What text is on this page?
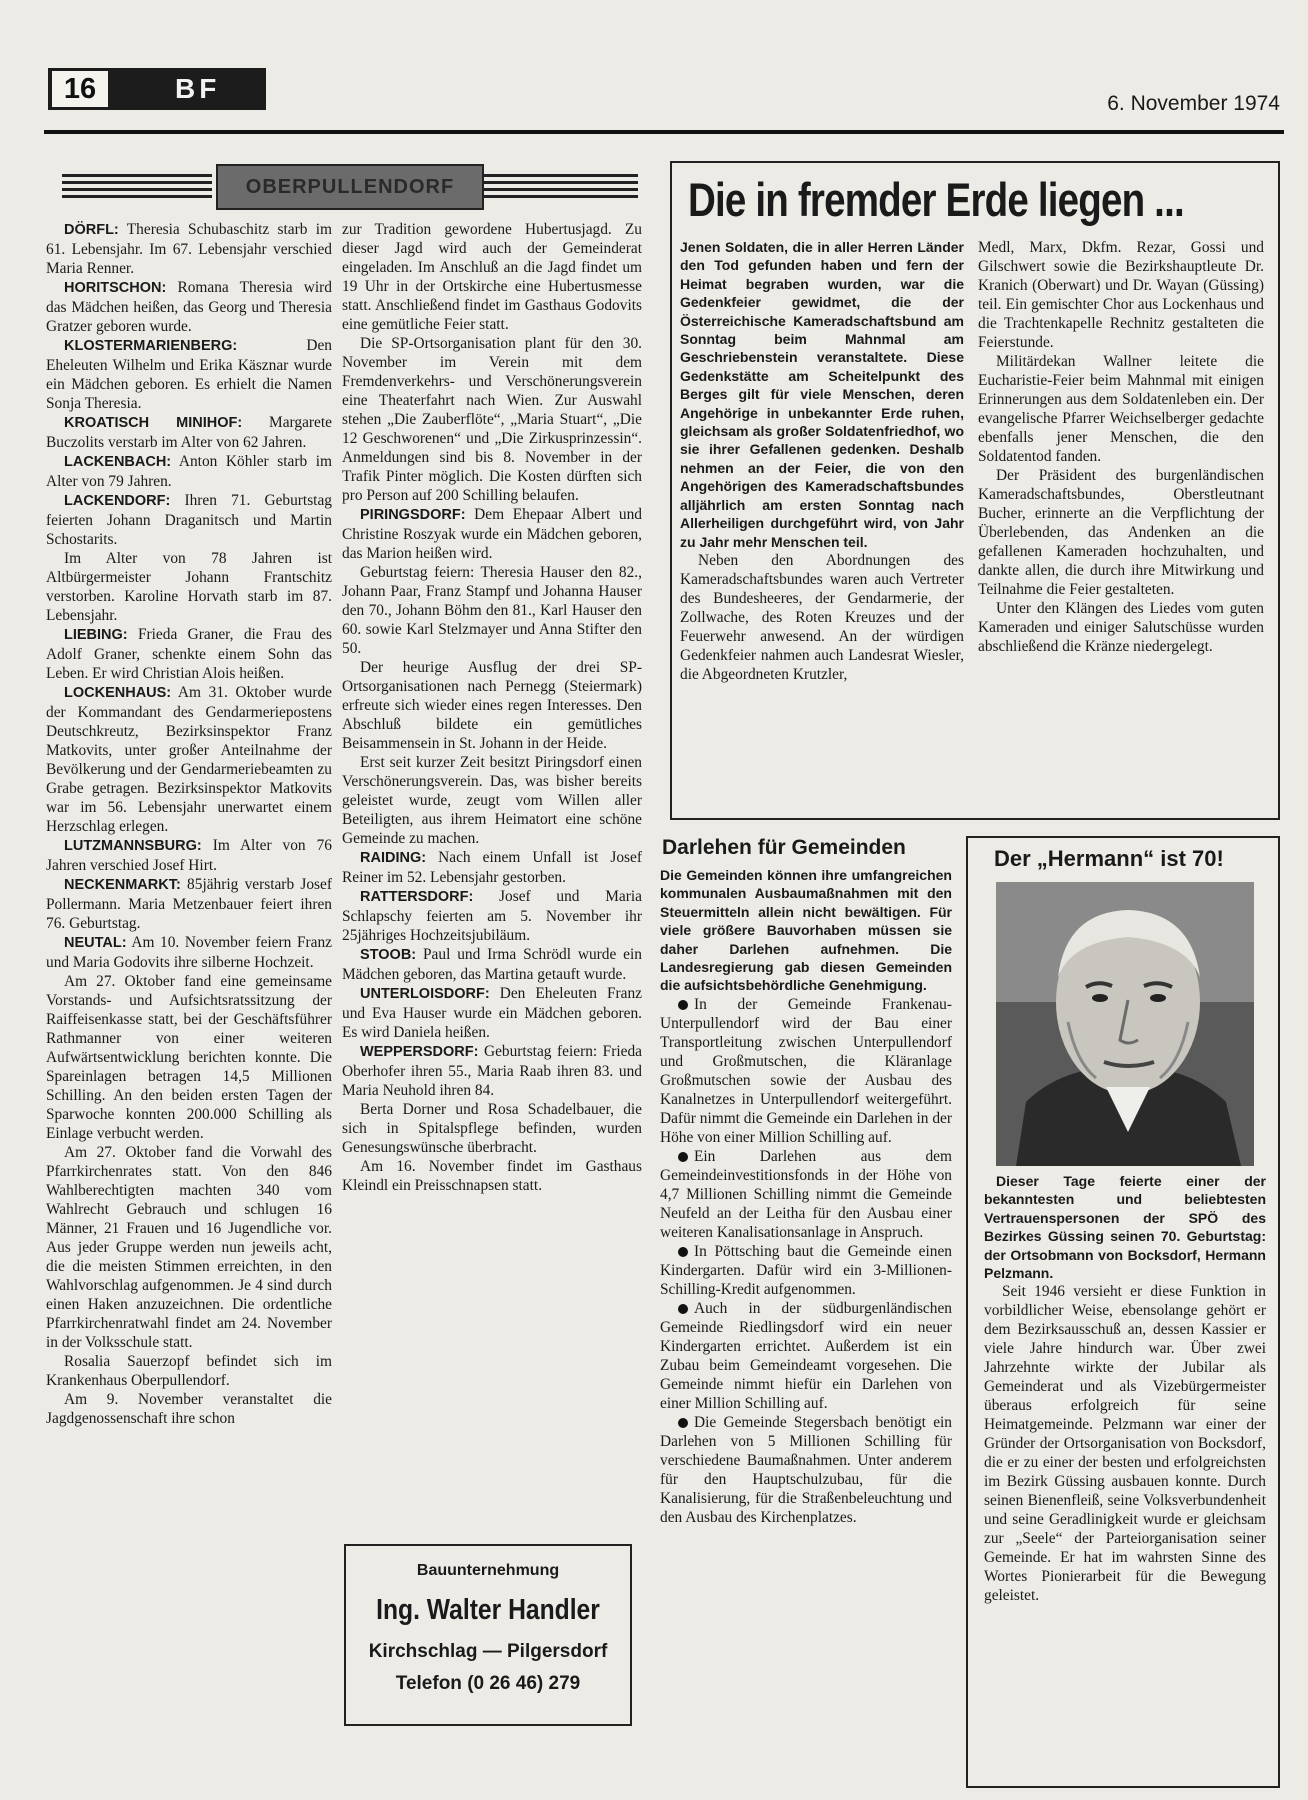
16	BF	6. November 1974
OBERPULLENDORF

DÖRFL: Theresia Schubaschitz starb im 61. Lebensjahr. Im 67. Lebensjahr verschied Maria Renner.

HORITSCHON: Romana Theresia wird das Mädchen heißen, das Georg und Theresia Gratzer geboren wurde.

KLOSTERMARIENBERG:	Den Eheleuten Wilhelm und Erika Käsznar wurde ein Mädchen geboren. Es erhielt die Namen Sonja Theresia.

KROATISCH MINIHOF: Margarete Buczolits verstarb im Alter von 62 Jahren.

LACKENBACH: Anton Köhler starb im Alter von 79 Jahren.

LACKENDORF: Ihren 71. Geburtstag feierten Johann Draganitsch und Martin Schostarits.

Im Alter von 78 Jahren ist Altbürgermeister Johann Frantschitz verstorben. Karoline Horvath starb im 87. Lebensjahr.

LIEBING: Frieda Graner, die Frau des Adolf Graner, schenkte einem Sohn das Leben. Er wird Christian Alois heißen.

LOCKENHAUS: Am 31. Oktober wurde der Kommandant des Gendarmeriepostens Deutschkreutz, Bezirksinspektor Franz Matkovits, unter großer Anteilnahme der Bevölkerung und der Gendarmeriebeamten zu Grabe getragen. Bezirksinspektor Matkovits war im 56. Lebensjahr unerwartet einem Herzschlag erlegen.

LUTZMANNSBURG: Im Alter von 76 Jahren verschied Josef Hirt.

NECKENMARKT: 85jährig verstarb Josef Pollermann. Maria Metzenbauer feiert ihren 76. Geburtstag.

NEUTAL: Am 10. November feiern Franz und Maria Godovits ihre silberne Hochzeit.

Am 27. Oktober fand eine gemeinsame Vorstands- und Aufsichtsratssitzung der Raiffeisenkasse statt, bei der Geschäftsführer Rathmanner von einer weiteren Aufwärtsentwicklung berichten konnte. Die Spareinlagen betragen 14,5 Millionen Schilling. An den beiden ersten Tagen der Sparwoche konnten 200.000 Schilling als Einlage verbucht werden.

Am 27. Oktober fand die Vorwahl des Pfarrkirchenrates statt. Von den 846 Wahlberechtigten machten 340 vom Wahlrecht Gebrauch und schlugen 16 Männer, 21 Frauen und 16 Jugendliche vor. Aus jeder Gruppe werden nun jeweils acht, die die meisten Stimmen erreichten, in den Wahlvorschlag aufgenommen. Je 4 sind durch einen Haken anzuzeichnen. Die ordentliche Pfarrkirchenratwahl findet am 24. November in der Volksschule statt.

Rosalia Sauerzopf befindet sich im Krankenhaus Oberpullendorf.

Am 9. November veranstaltet die Jagdgenossenschaft ihre schon

zur Tradition gewordene Hubertusjagd. Zu dieser Jagd wird auch der Gemeinderat eingeladen. Im Anschluß an die Jagd findet um 19 Uhr in der Ortskirche eine Hubertusmesse statt. Anschließend findet im Gasthaus Godovits eine gemütliche Feier statt.

Die SP-Ortsorganisation plant für den 30. November im Verein mit dem Fremdenverkehrs- und Verschönerungsverein eine Theaterfahrt nach Wien. Zur Auswahl stehen „Die Zauberflöte“, „Maria Stuart“, „Die 12 Geschworenen“ und „Die Zirkusprinzessin“. Anmeldungen sind bis 8. November in der Trafik Pinter möglich. Die Kosten dürften sich pro Person auf 200 Schilling belaufen.

PIRINGSDORF: Dem Ehepaar Albert und Christine Roszyak wurde ein Mädchen geboren, das Marion heißen wird.

Geburtstag feiern: Theresia Hauser den 82., Johann Paar, Franz Stampf und Johanna Hauser den 70., Johann Böhm den 81., Karl Hauser den 60. sowie Karl Stelzmayer und Anna Stifter den 50.

Der heurige Ausflug der drei SP-Ortsorganisationen nach Pernegg (Steiermark) erfreute sich wieder eines regen Interesses. Den Abschluß bildete ein gemütliches Beisammensein in St. Johann in der Heide.

Erst seit kurzer Zeit besitzt Piringsdorf einen Verschönerungsverein. Das, was bisher bereits geleistet wurde, zeugt vom Willen aller Beteiligten, aus ihrem Heimatort eine schöne Gemeinde zu machen.

RAIDING: Nach einem Unfall ist Josef Reiner im 52. Lebensjahr gestorben.

RATTERSDORF: Josef und Maria Schlapschy feierten am 5. November ihr 25jähriges Hochzeitsjubiläum.

STOOB: Paul und Irma Schrödl wurde ein Mädchen geboren, das Martina getauft wurde.

UNTERLOISDORF: Den Eheleuten Franz und Eva Hauser wurde ein Mädchen geboren. Es wird Daniela heißen.

WEPPERSDORF: Geburtstag feiern: Frieda Oberhofer ihren 55., Maria Raab ihren 83. und Maria Neuhold ihren 84.

Berta Dorner und Rosa Schadelbauer, die sich in Spitalspflege befinden, wurden Genesungswünsche überbracht.

Am 16. November findet im Gasthaus Kleindl ein Preisschnapsen statt.

Bauunternehmung
Ing. Walter Handler
Kirchschlag — Pilgersdorf
Telefon (0 26 46) 279
Die in fremder Erde liegen ...

Jenen Soldaten, die in aller Herren Länder den Tod gefunden haben und fern der Heimat begraben wurden, war die Gedenkfeier gewidmet, die der Österreichische Kameradschaftsbund am Sonntag beim Mahnmal am Geschriebenstein veranstaltete. Diese Gedenkstätte am Scheitelpunkt des Berges gilt für viele Menschen, deren Angehörige in unbekannter Erde ruhen, gleichsam als großer Soldatenfriedhof, wo sie ihrer Gefallenen gedenken. Deshalb nehmen an der Feier, die von den Angehörigen des Kameradschaftsbundes alljährlich am ersten Sonntag nach Allerheiligen durchgeführt wird, von Jahr zu Jahr mehr Menschen teil.

Neben den Abordnungen des Kameradschaftsbundes waren auch Vertreter des Bundesheeres, der Gendarmerie, der Zollwache, des Roten Kreuzes und der Feuerwehr anwesend. An der würdigen Gedenkfeier nahmen auch Landesrat Wiesler, die Abgeordneten Krutzler,

Medl, Marx, Dkfm. Rezar, Gossi und Gilschwert sowie die Bezirkshauptleute Dr. Kranich (Oberwart) und Dr. Wayan (Güssing) teil. Ein gemischter Chor aus Lockenhaus und die Trachtenkapelle Rechnitz gestalteten die Feierstunde.

Militärdekan Wallner leitete die Eucharistie-Feier beim Mahnmal mit einigen Erinnerungen aus dem Soldatenleben ein. Der evangelische Pfarrer Weichselberger gedachte ebenfalls jener Menschen, die den Soldatentod fanden.

Der Präsident des burgenländischen Kameradschaftsbundes, Oberstleutnant Bucher, erinnerte an die Verpflichtung der Überlebenden, das Andenken an die gefallenen Kameraden hochzuhalten, und dankte allen, die durch ihre Mitwirkung und Teilnahme die Feier gestalteten.

Unter den Klängen des Liedes vom guten Kameraden und einiger Salutschüsse wurden abschließend die Kränze niedergelegt.

Darlehen für Gemeinden

Die Gemeinden können ihre umfangreichen kommunalen Ausbaumaßnahmen mit den Steuermitteln allein nicht bewältigen. Für viele größere Bauvorhaben müssen sie daher Darlehen aufnehmen. Die Landesregierung gab diesen Gemeinden die aufsichtsbehördliche Genehmigung.

In der Gemeinde Frankenau-Unterpullendorf wird der Bau einer Transportleitung zwischen Unterpullendorf und Großmutschen, die Kläranlage Großmutschen sowie der Ausbau des Kanalnetzes in Unterpullendorf weitergeführt. Dafür nimmt die Gemeinde ein Darlehen in der Höhe von einer Million Schilling auf.

Ein Darlehen aus dem Gemeindeinvestitionsfonds in der Höhe von 4,7 Millionen Schilling nimmt die Gemeinde Neufeld an der Leitha für den Ausbau einer weiteren Kanalisationsanlage in Anspruch.

In Pöttsching baut die Gemeinde einen Kindergarten. Dafür wird ein 3-Millionen-Schilling-Kredit aufgenommen.

Auch in der südburgenländischen Gemeinde Riedlingsdorf wird ein neuer Kindergarten errichtet. Außerdem ist ein Zubau beim Gemeindeamt vorgesehen. Die Gemeinde nimmt hiefür ein Darlehen von einer Million Schilling auf.

Die Gemeinde Stegersbach benötigt ein Darlehen von 5 Millionen Schilling für verschiedene Baumaßnahmen. Unter anderem für den Hauptschulzubau, für die Kanalisierung, für die Straßenbeleuchtung und den Ausbau des Kirchenplatzes.

Der „Hermann“ ist 70!

Dieser Tage feierte einer der bekanntesten und beliebtesten Vertrauenspersonen der SPÖ des Bezirkes Güssing seinen 70. Geburtstag: der Ortsobmann von Bocksdorf, Hermann Pelzmann.

Seit 1946 versieht er diese Funktion in vorbildlicher Weise, ebensolange gehört er dem Bezirksausschuß an, dessen Kassier er viele Jahre hindurch war. Über zwei Jahrzehnte wirkte der Jubilar als Gemeinderat und als Vizebürgermeister überaus erfolgreich für seine Heimatgemeinde. Pelzmann war einer der Gründer der Ortsorganisation von Bocksdorf, die er zu einer der besten und erfolgreichsten im Bezirk Güssing ausbauen konnte. Durch seinen Bienenfleiß, seine Volksverbundenheit und seine Geradlinigkeit wurde er gleichsam zur „Seele“ der Parteiorganisation seiner Gemeinde. Er hat im wahrsten Sinne des Wortes Pionierarbeit für die Bewegung geleistet.
